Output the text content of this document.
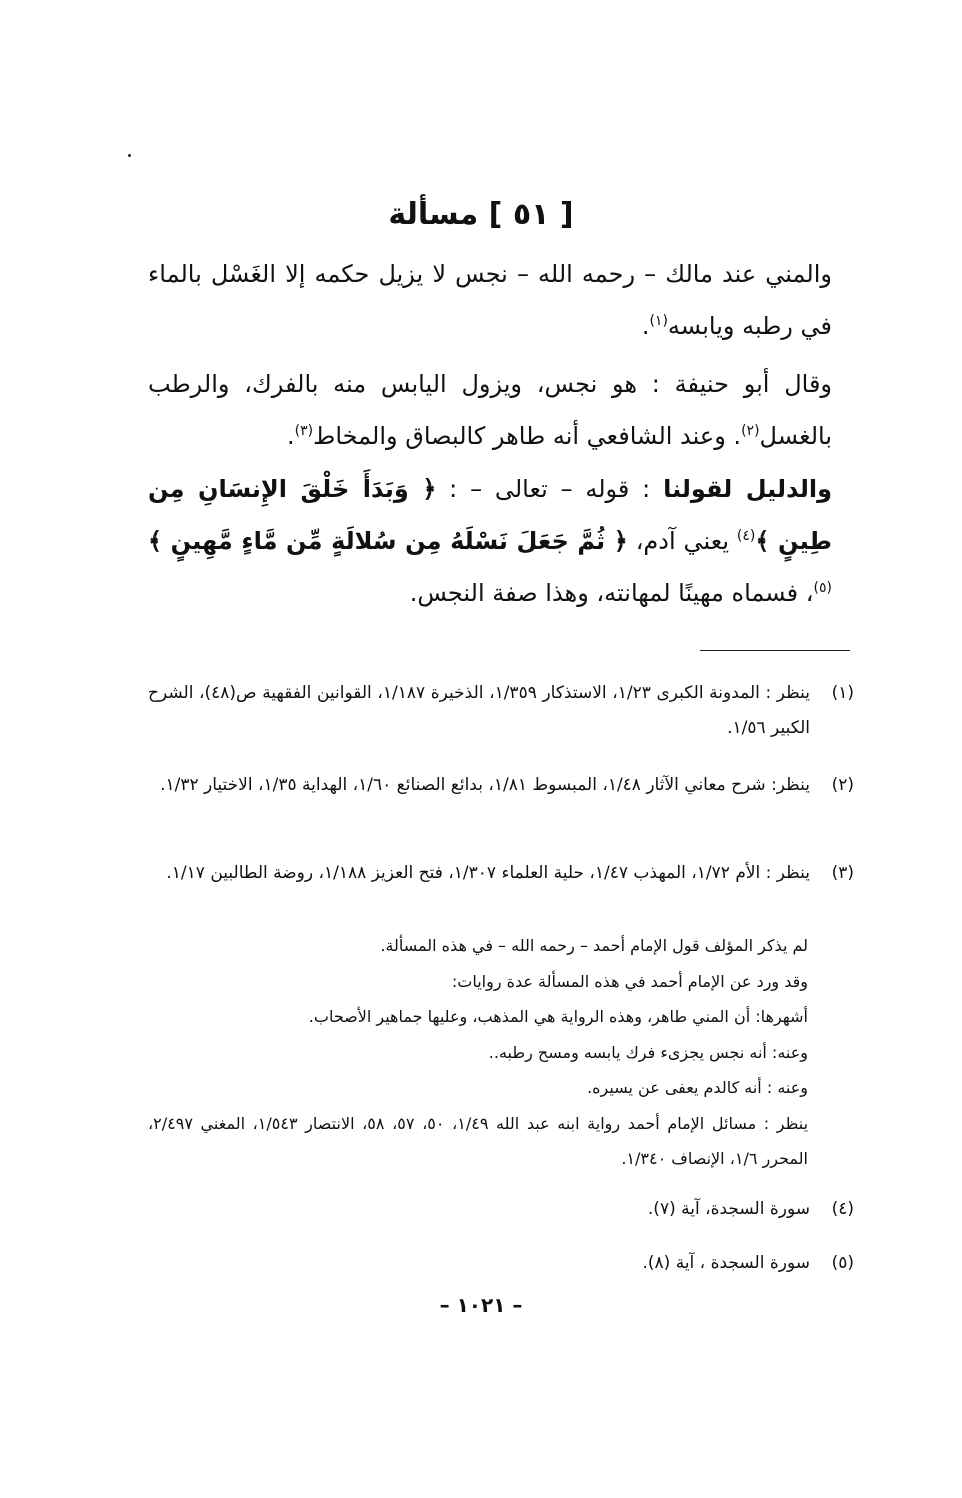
[ ٥١ ] مسألة

والمني عند مالك – رحمه الله – نجس لا يزيل حكمه إلا الغَسْل بالماء في رطبه ويابسه$^{(١)}$.

وقال أبو حنيفة : هو نجس، ويزول اليابس منه بالفرك، والرطب بالغسل$^{(٢)}$. وعند الشافعي أنه طاهر كالبصاق والمخاط$^{(٣)}$.

والدليل لقولنا : قوله – تعالى – : ﴿ وَبَدَأَ خَلْقَ الإِنسَانِ مِن طِينٍ ﴾$^{(٤)}$ يعني آدم، ﴿ ثُمَّ جَعَلَ نَسْلَهُ مِن سُلالَةٍ مِّن مَّاءٍ مَّهِينٍ ﴾$^{(٥)}$، فسماه مهينًا لمهانته، وهذا صفة النجس.

(١)

ينظر : المدونة الكبرى ١/٢٣، الاستذكار ١/٣٥٩، الذخيرة ١/١٨٧، القوانين الفقهية ص(٤٨)، الشرح الكبير ١/٥٦.

(٢)

ينظر: شرح معاني الآثار ١/٤٨، المبسوط ١/٨١، بدائع الصنائع ١/٦٠، الهداية ١/٣٥، الاختيار ١/٣٢.

(٣)

ينظر : الأم ١/٧٢، المهذب ١/٤٧، حلية العلماء ١/٣٠٧، فتح العزيز ١/١٨٨، روضة الطالبين ١/١٧.

لم يذكر المؤلف قول الإمام أحمد – رحمه الله – في هذه المسألة.

وقد ورد عن الإمام أحمد في هذه المسألة عدة روايات:

أشهرها: أن المني طاهر، وهذه الرواية هي المذهب، وعليها جماهير الأصحاب.

وعنه: أنه نجس يجزىء فرك يابسه ومسح رطبه..

وعنه : أنه كالدم يعفى عن يسيره.

ينظر : مسائل الإمام أحمد رواية ابنه عبد الله ١/٤٩، ٥٠، ٥٧، ٥٨، الانتصار ١/٥٤٣، المغني ٢/٤٩٧، المحرر ١/٦، الإنصاف ١/٣٤٠.

(٤)

سورة السجدة، آية (٧).

(٥)

سورة السجدة ، آية (٨).

– ١٠٢١ –
